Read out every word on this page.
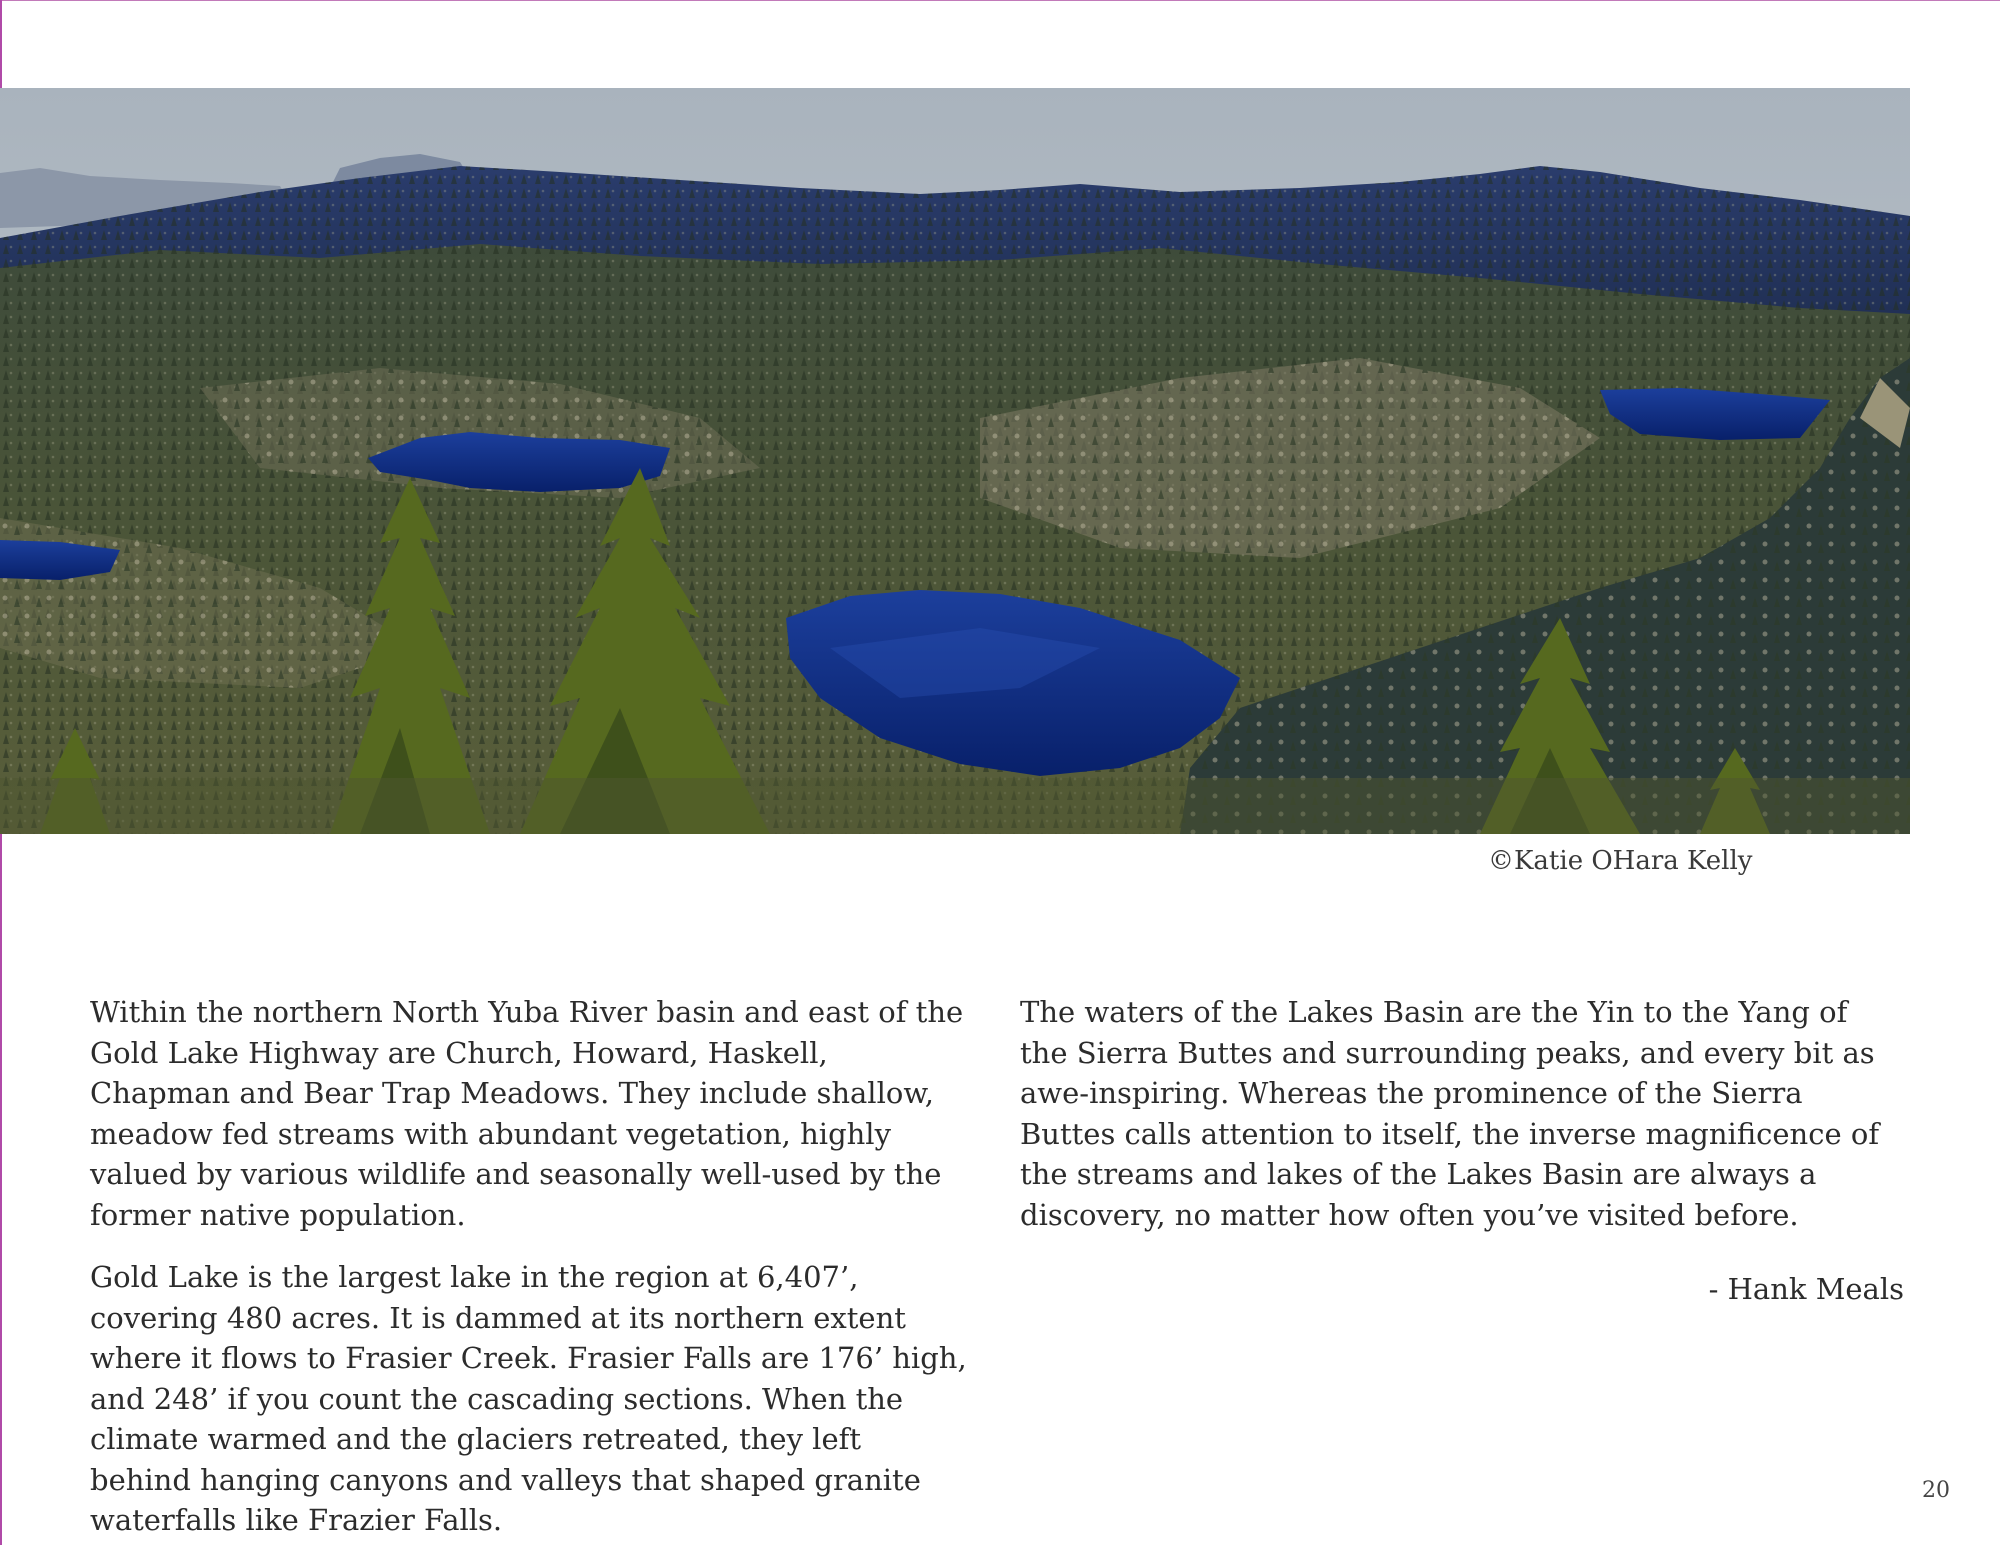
©Katie OHara Kelly

Within the northern North Yuba River basin and east of the Gold Lake Highway are Church, Howard, Haskell, Chapman and Bear Trap Meadows. They include shallow, meadow fed streams with abundant vegetation, highly valued by various wildlife and seasonally well-used by the former native population.

Gold Lake is the largest lake in the region at 6,407’, covering 480 acres. It is dammed at its northern extent where it flows to Frasier Creek. Frasier Falls are 176’ high, and 248’ if you count the cascading sections. When the climate warmed and the glaciers retreated, they left behind hanging canyons and valleys that shaped granite waterfalls like Frazier Falls.

The waters of the Lakes Basin are the Yin to the Yang of the Sierra Buttes and surrounding peaks, and every bit as awe-inspiring. Whereas the prominence of the Sierra Buttes calls attention to itself, the inverse magnificence of the streams and lakes of the Lakes Basin are always a discovery, no matter how often you’ve visited before.

- Hank Meals
20
